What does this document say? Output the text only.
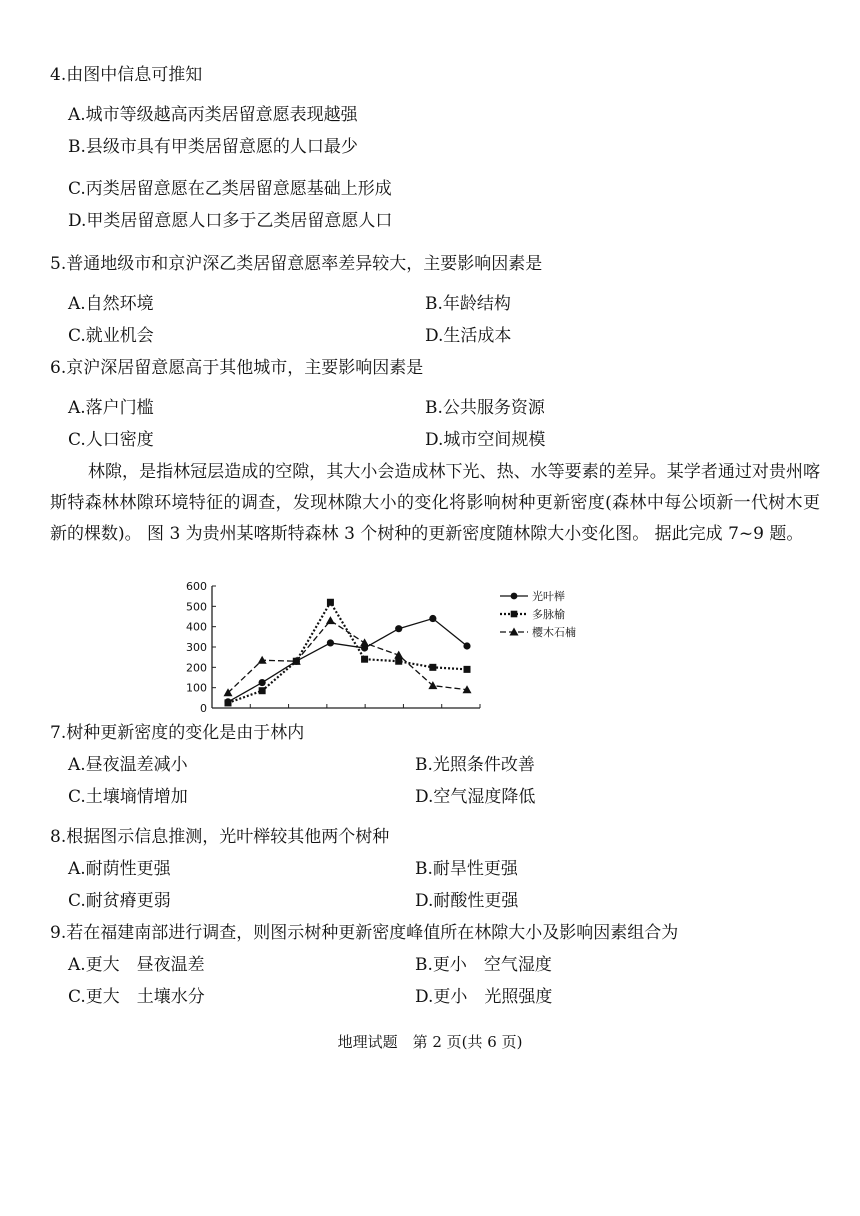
4.由图中信息可推知
A.城市等级越高丙类居留意愿表现越强
B.县级市具有甲类居留意愿的人口最少
C.丙类居留意愿在乙类居留意愿基础上形成
D.甲类居留意愿人口多于乙类居留意愿人口
5.普通地级市和京沪深乙类居留意愿率差异较大，主要影响因素是
A.自然环境	B.年龄结构
C.就业机会	D.生活成本
6.京沪深居留意愿高于其他城市，主要影响因素是
A.落户门槛	B.公共服务资源
C.人口密度	D.城市空间规模
林隙，是指林冠层造成的空隙，其大小会造成林下光、热、水等要素的差异。某学者通过对贵州喀斯特森林林隙环境特征的调查，发现林隙大小的变化将影响树种更新密度(森林中每公顷新一代树木更新的棵数)。 图 3 为贵州某喀斯特森林 3 个树种的更新密度随林隙大小变化图。 据此完成 7~9 题。
0
100
200
300
400
500
600
光叶榉
多脉榆
樱木石楠
7.树种更新密度的变化是由于林内
A.昼夜温差减小	B.光照条件改善
C.土壤墒情增加	D.空气湿度降低
8.根据图示信息推测，光叶榉较其他两个树种
A.耐荫性更强	B.耐旱性更强
C.耐贫瘠更弱	D.耐酸性更强
9.若在福建南部进行调查，则图示树种更新密度峰值所在林隙大小及影响因素组合为
A.更大　昼夜温差	B.更小　空气湿度
C.更大　土壤水分	D.更小　光照强度
地理试题　第 2 页(共 6 页)
